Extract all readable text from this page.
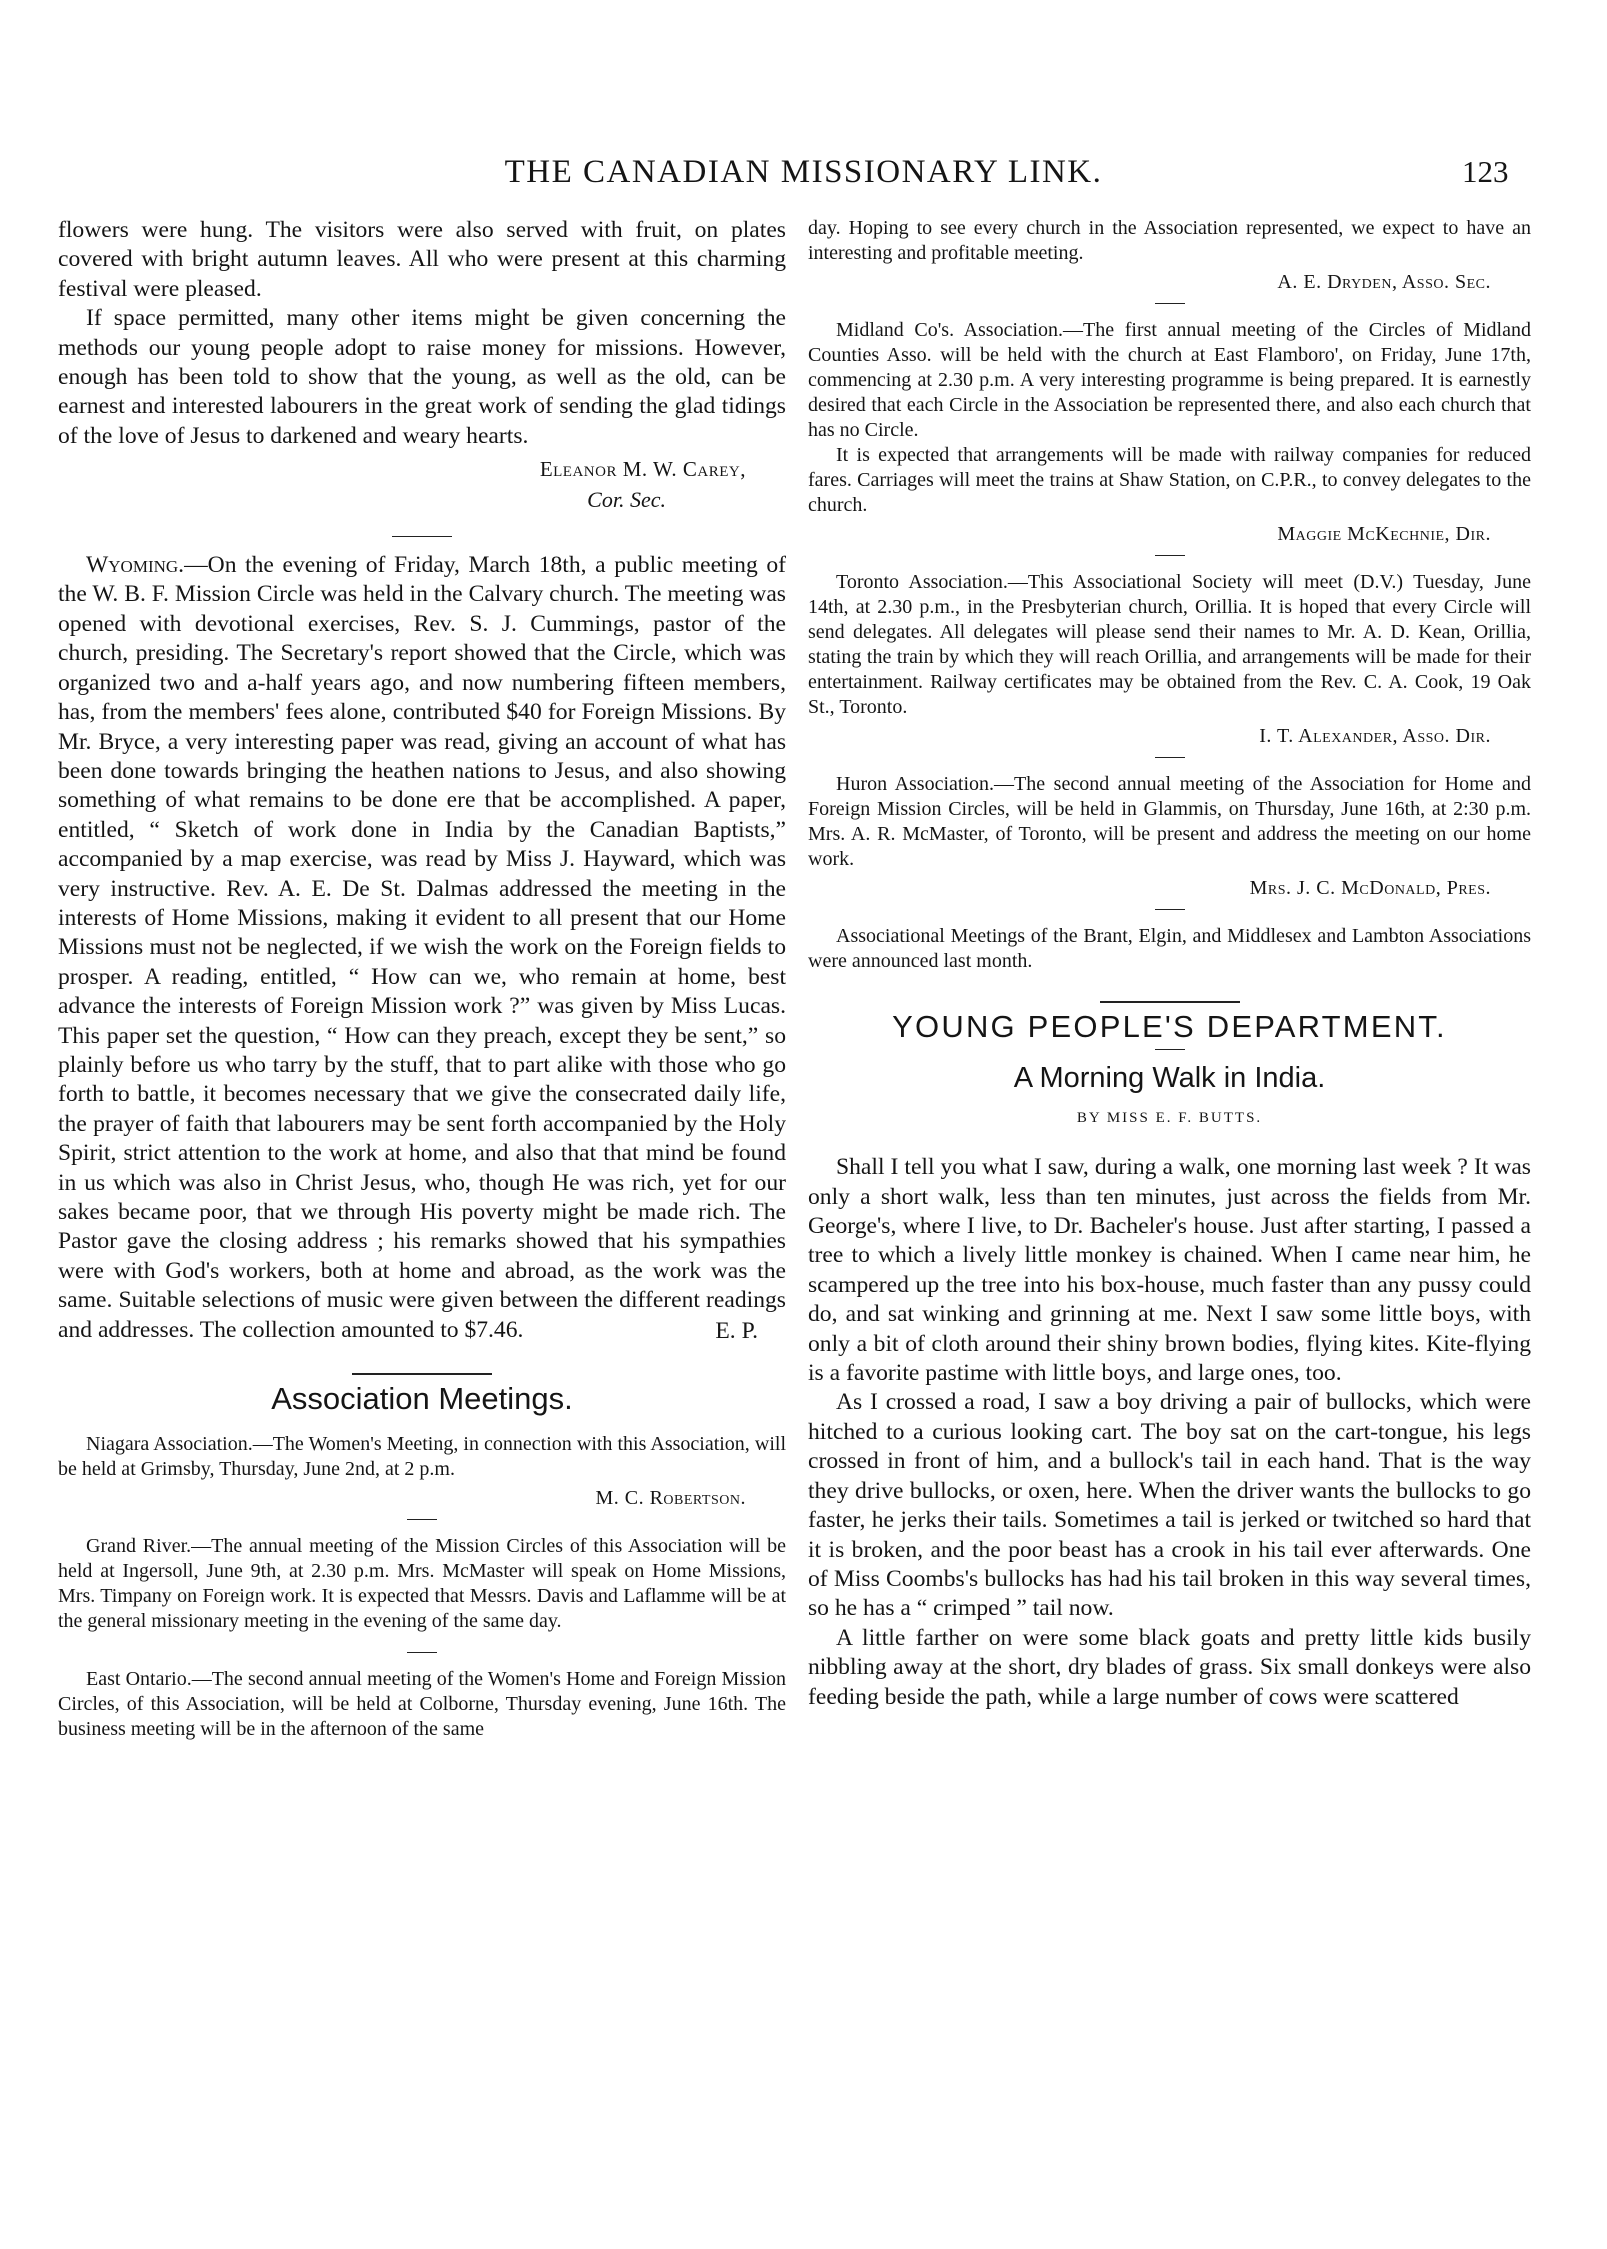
THE CANADIAN MISSIONARY LINK.	123

flowers were hung. The visitors were also served with fruit, on plates covered with bright autumn leaves. All who were present at this charming festival were pleased.

If space permitted, many other items might be given concerning the methods our young people adopt to raise money for missions. However, enough has been told to show that the young, as well as the old, can be earnest and interested labourers in the great work of sending the glad tidings of the love of Jesus to darkened and weary hearts.

Eleanor M. W. Carey,
Cor. Sec.

Wyoming.—On the evening of Friday, March 18th, a public meeting of the W. B. F. Mission Circle was held in the Calvary church. The meeting was opened with devotional exercises, Rev. S. J. Cummings, pastor of the church, presiding. The Secretary's report showed that the Circle, which was organized two and a-half years ago, and now numbering fifteen members, has, from the members' fees alone, contributed $40 for Foreign Missions. By Mr. Bryce, a very interesting paper was read, giving an account of what has been done towards bringing the heathen nations to Jesus, and also showing something of what remains to be done ere that be accomplished. A paper, entitled, “ Sketch of work done in India by the Canadian Baptists,” accompanied by a map exercise, was read by Miss J. Hayward, which was very instructive. Rev. A. E. De St. Dalmas addressed the meeting in the interests of Home Missions, making it evident to all present that our Home Missions must not be neglected, if we wish the work on the Foreign fields to prosper. A reading, entitled, “ How can we, who remain at home, best advance the interests of Foreign Mission work ?” was given by Miss Lucas. This paper set the question, “ How can they preach, except they be sent,” so plainly before us who tarry by the stuff, that to part alike with those who go forth to battle, it becomes necessary that we give the consecrated daily life, the prayer of faith that labourers may be sent forth accompanied by the Holy Spirit, strict attention to the work at home, and also that that mind be found in us which was also in Christ Jesus, who, though He was rich, yet for our sakes became poor, that we through His poverty might be made rich. The Pastor gave the closing address ; his remarks showed that his sympathies were with God's workers, both at home and abroad, as the work was the same. Suitable selections of music were given between the different readings and addresses. The collection amounted to $7.46.	E. P.
Association Meetings.

Niagara Association.—The Women's Meeting, in connection with this Association, will be held at Grimsby, Thursday, June 2nd, at 2 p.m.

M. C. Robertson.

Grand River.—The annual meeting of the Mission Circles of this Association will be held at Ingersoll, June 9th, at 2.30 p.m. Mrs. McMaster will speak on Home Missions, Mrs. Timpany on Foreign work. It is expected that Messrs. Davis and Laflamme will be at the general missionary meeting in the evening of the same day.

East Ontario.—The second annual meeting of the Women's Home and Foreign Mission Circles, of this Association, will be held at Colborne, Thursday evening, June 16th. The business meeting will be in the afternoon of the same

day. Hoping to see every church in the Association represented, we expect to have an interesting and profitable meeting.

A. E. Dryden, Asso. Sec.

Midland Co's. Association.—The first annual meeting of the Circles of Midland Counties Asso. will be held with the church at East Flamboro', on Friday, June 17th, commencing at 2.30 p.m. A very interesting programme is being prepared. It is earnestly desired that each Circle in the Association be represented there, and also each church that has no Circle.

It is expected that arrangements will be made with railway companies for reduced fares. Carriages will meet the trains at Shaw Station, on C.P.R., to convey delegates to the church.

Maggie McKechnie, Dir.

Toronto Association.—This Associational Society will meet (D.V.) Tuesday, June 14th, at 2.30 p.m., in the Presbyterian church, Orillia. It is hoped that every Circle will send delegates. All delegates will please send their names to Mr. A. D. Kean, Orillia, stating the train by which they will reach Orillia, and arrangements will be made for their entertainment. Railway certificates may be obtained from the Rev. C. A. Cook, 19 Oak St., Toronto.

I. T. Alexander, Asso. Dir.

Huron Association.—The second annual meeting of the Association for Home and Foreign Mission Circles, will be held in Glammis, on Thursday, June 16th, at 2:30 p.m. Mrs. A. R. McMaster, of Toronto, will be present and address the meeting on our home work.

Mrs. J. C. McDonald, Pres.

Associational Meetings of the Brant, Elgin, and Middlesex and Lambton Associations were announced last month.

YOUNG PEOPLE'S DEPARTMENT.
A Morning Walk in India.
BY MISS E. F. BUTTS.

Shall I tell you what I saw, during a walk, one morning last week ? It was only a short walk, less than ten minutes, just across the fields from Mr. George's, where I live, to Dr. Bacheler's house. Just after starting, I passed a tree to which a lively little monkey is chained. When I came near him, he scampered up the tree into his box-house, much faster than any pussy could do, and sat winking and grinning at me. Next I saw some little boys, with only a bit of cloth around their shiny brown bodies, flying kites. Kite-flying is a favorite pastime with little boys, and large ones, too.

As I crossed a road, I saw a boy driving a pair of bullocks, which were hitched to a curious looking cart. The boy sat on the cart-tongue, his legs crossed in front of him, and a bullock's tail in each hand. That is the way they drive bullocks, or oxen, here. When the driver wants the bullocks to go faster, he jerks their tails. Sometimes a tail is jerked or twitched so hard that it is broken, and the poor beast has a crook in his tail ever afterwards. One of Miss Coombs's bullocks has had his tail broken in this way several times, so he has a “ crimped ” tail now.

A little farther on were some black goats and pretty little kids busily nibbling away at the short, dry blades of grass. Six small donkeys were also feeding beside the path, while a large number of cows were scattered
